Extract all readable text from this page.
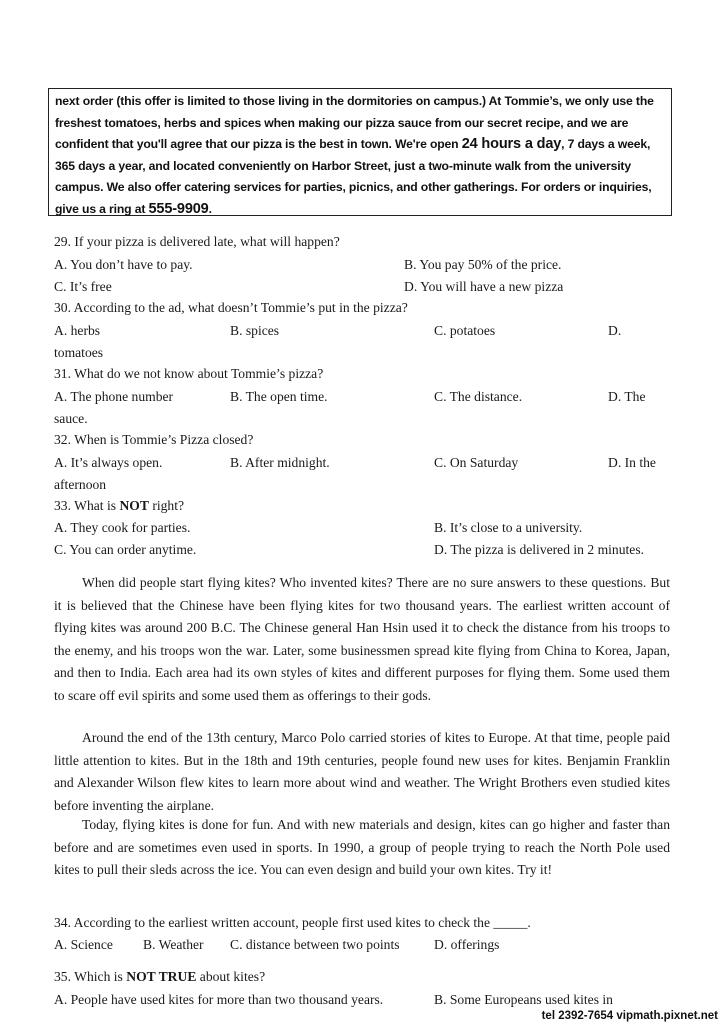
next order (this offer is limited to those living in the dormitories on campus.) At Tommie’s, we only use the freshest tomatoes, herbs and spices when making our pizza sauce from our secret recipe, and we are confident that you'll agree that our pizza is the best in town. We're open 24 hours a day, 7 days a week, 365 days a year, and located conveniently on Harbor Street, just a two-minute walk from the university campus. We also offer catering services for parties, picnics, and other gatherings. For orders or inquiries, give us a ring at 555-9909.

29. If your pizza is delivered late, what will happen?
A. You don’t have to pay.	B. You pay 50% of the price.
C. It’s free	D. You will have a new pizza
30. According to the ad, what doesn’t Tommie’s put in the pizza?
A. herbs	B. spices	C. potatoes	D.
tomatoes
31. What do we not know about Tommie’s pizza?
A. The phone number	B. The open time.	C. The distance.	D. The
sauce.
32. When is Tommie’s Pizza closed?
A. It’s always open.	B. After midnight.	C. On Saturday	D. In the
afternoon
33. What is NOT right?
A. They cook for parties.	B. It’s close to a university.
C. You can order anytime.	D. The pizza is delivered in 2 minutes.

When did people start flying kites? Who invented kites? There are no sure answers to these questions. But it is believed that the Chinese have been flying kites for two thousand years. The earliest written account of flying kites was around 200 B.C. The Chinese general Han Hsin used it to check the distance from his troops to the enemy, and his troops won the war. Later, some businessmen spread kite flying from China to Korea, Japan, and then to India. Each area had its own styles of kites and different purposes for flying them. Some used them to scare off evil spirits and some used them as offerings to their gods.

Around the end of the 13th century, Marco Polo carried stories of kites to Europe. At that time, people paid little attention to kites. But in the 18th and 19th centuries, people found new uses for kites. Benjamin Franklin and Alexander Wilson flew kites to learn more about wind and weather. The Wright Brothers even studied kites before inventing the airplane.

Today, flying kites is done for fun. And with new materials and design, kites can go higher and faster than before and are sometimes even used in sports. In 1990, a group of people trying to reach the North Pole used kites to pull their sleds across the ice. You can even design and build your own kites. Try it!

34. According to the earliest written account, people first used kites to check the _____.
A. Science B. Weather C. distance between two points	D. offerings
35. Which is NOT TRUE about kites?
A. People have used kites for more than two thousand years.	B. Some Europeans used kites in
tel 2392-7654 vipmath.pixnet.net
